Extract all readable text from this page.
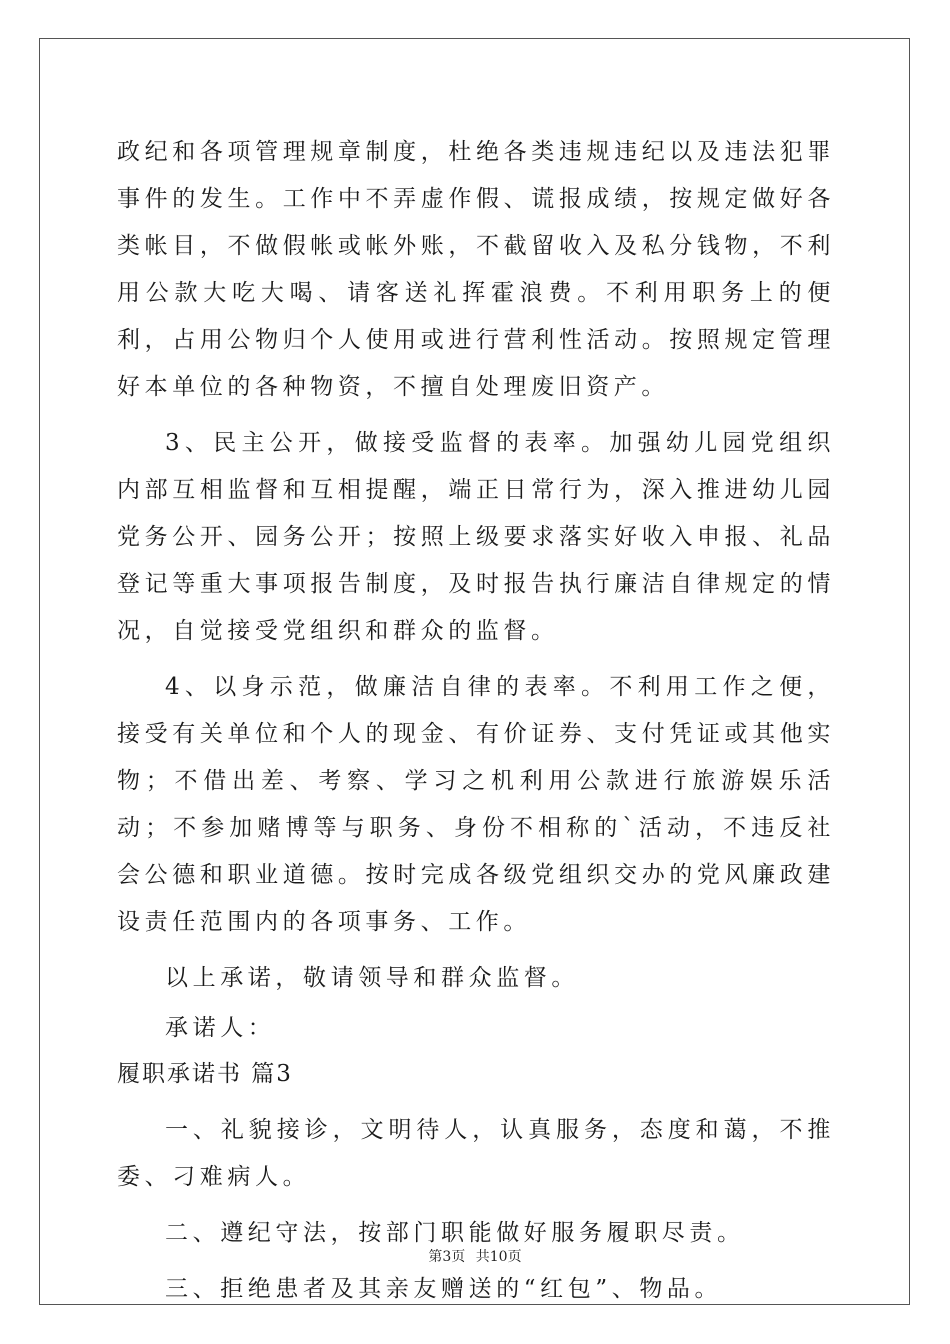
政纪和各项管理规章制度，杜绝各类违规违纪以及违法犯罪事件的发生。工作中不弄虚作假、谎报成绩，按规定做好各类帐目，不做假帐或帐外账，不截留收入及私分钱物，不利用公款大吃大喝、请客送礼挥霍浪费。不利用职务上的便利，占用公物归个人使用或进行营利性活动。按照规定管理好本单位的各种物资，不擅自处理废旧资产。

3、民主公开，做接受监督的表率。加强幼儿园党组织内部互相监督和互相提醒，端正日常行为，深入推进幼儿园党务公开、园务公开；按照上级要求落实好收入申报、礼品登记等重大事项报告制度，及时报告执行廉洁自律规定的情况，自觉接受党组织和群众的监督。

4、以身示范，做廉洁自律的表率。不利用工作之便，接受有关单位和个人的现金、有价证券、支付凭证或其他实物；不借出差、考察、学习之机利用公款进行旅游娱乐活动；不参加赌博等与职务、身份不相称的`活动，不违反社会公德和职业道德。按时完成各级党组织交办的党风廉政建设责任范围内的各项事务、工作。

以上承诺，敬请领导和群众监督。

承诺人：

履职承诺书 篇3

一、礼貌接诊，文明待人，认真服务，态度和蔼，不推委、刁难病人。

二、遵纪守法，按部门职能做好服务履职尽责。

三、拒绝患者及其亲友赠送的“红包”、物品。

第3页 共10页
